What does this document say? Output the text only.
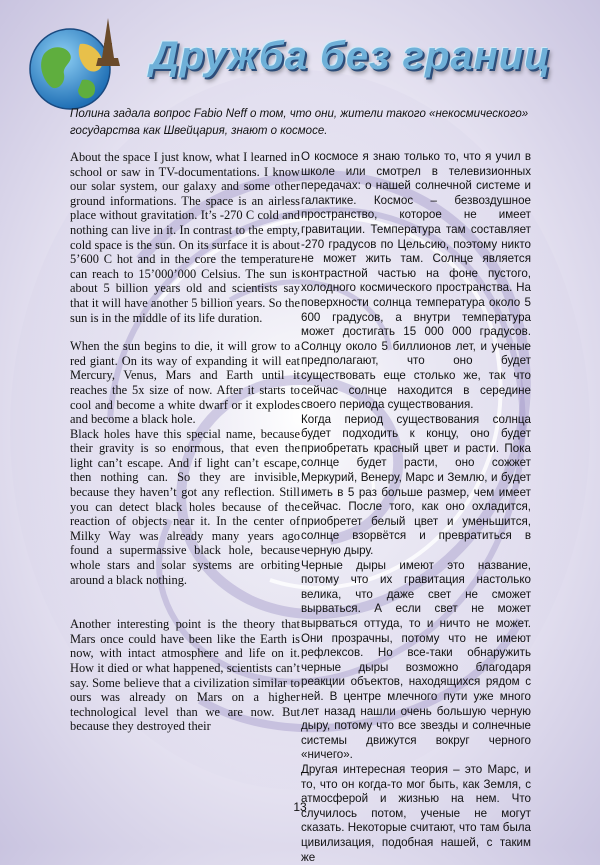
Дружба без границ
Полина задала вопрос Fabio Neff о том, что они, жители такого «некосмического» государства как Швейцария, знают о космосе.

About the space I just know, what I learned in school or saw in TV-documentations. I know our solar system, our galaxy and some other ground informations. The space is an airless place without gravitation. It’s -270 C cold and nothing can live in it. In contrast to the empty, cold space is the sun. On its surface it is about 5’600 C hot and in the core the temperature can reach to 15’000’000 Celsius. The sun is about 5 billion years old and scientists say that it will have another 5 billion years. So the sun is in the middle of its life duration.

When the sun begins to die, it will grow to a red giant. On its way of expanding it will eat Mercury, Venus, Mars and Earth until it reaches the 5x size of now. After it starts to cool and become a white dwarf or it explodes and become a black hole.

Black holes have this special name, because their gravity is so enormous, that even the light can’t escape. And if light can’t escape, then nothing can. So they are invisible, because they haven’t got any reflection. Still you can detect black holes because of the reaction of objects near it. In the center of Milky Way was already many years ago found a supermassive black hole, because whole stars and solar systems are orbiting around a black nothing.

Another interesting point is the theory that Mars once could have been like the Earth is now, with intact atmosphere and life on it. How it died or what happened, scientists can’t say. Some believe that a civilization similar to ours was already on Mars on a higher technological level than we are now. But because they destroyed their

О космосе я знаю только то, что я учил в школе или смотрел в телевизионных передачах: о нашей солнечной системе и галактике. Космос – безвоздушное пространство, которое не имеет гравитации. Температура там составляет -270 градусов по Цельсию, поэтому никто не может жить там. Солнце является контрастной частью на фоне пустого, холодного космического пространства. На поверхности солнца температура около 5 600 градусов, а внутри температура может достигать 15 000 000 градусов. Солнцу около 5 биллионов лет, и ученые предполагают, что оно будет существовать еще столько же, так что сейчас солнце находится в середине своего периода существования.

Когда период существования солнца будет подходить к концу, оно будет приобретать красный цвет и расти. Пока солнце будет расти, оно сожжет Меркурий, Венеру, Марс и Землю, и будет иметь в 5 раз больше размер, чем имеет сейчас. После того, как оно охладится, приобретет белый цвет и уменьшится, солнце взорвётся и превратиться в черную дыру.

Черные дыры имеют это название, потому что их гравитация настолько велика, что даже свет не сможет вырваться. А если свет не может вырваться оттуда, то и ничто не может. Они прозрачны, потому что не имеют рефлексов. Но все-таки обнаружить черные дыры возможно благодаря реакции объектов, находящихся рядом с ней. В центре млечного пути уже много лет назад нашли очень большую черную дыру, потому что все звезды и солнечные системы движутся вокруг черного «ничего».

Другая интересная теория – это Марс, и то, что он когда-то мог быть, как Земля, с атмосферой и жизнью на нем. Что случилось потом, ученые не могут сказать. Некоторые считают, что там была цивилизация, подобная нашей, с таким же

13
